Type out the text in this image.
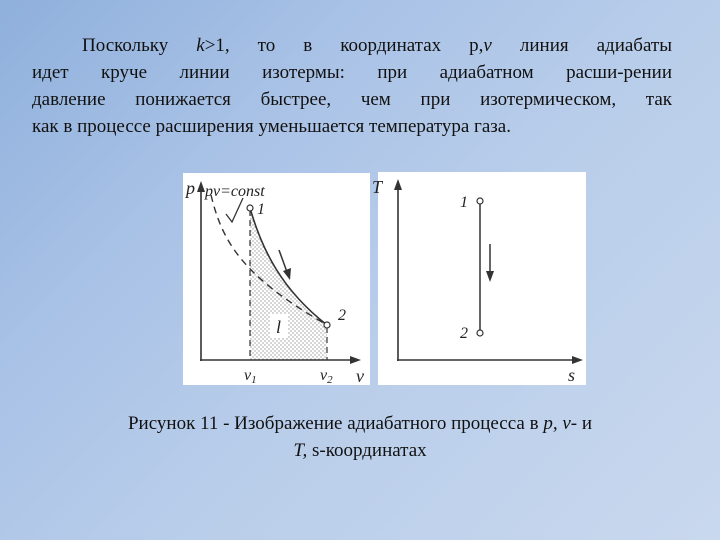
Поскольку k>1, то в координатах p,v линия адиабаты
идет круче линии изотермы: при адиабатном расши-рении
давление понижается быстрее, чем при изотермическом, так
как в процессе расширения уменьшается температура газа.
p pv=const
1
2
l
v1	v2 v
T
1
2
s
Рисунок 11 - Изображение адиабатного процесса в p, v- и
T, s-координатах
